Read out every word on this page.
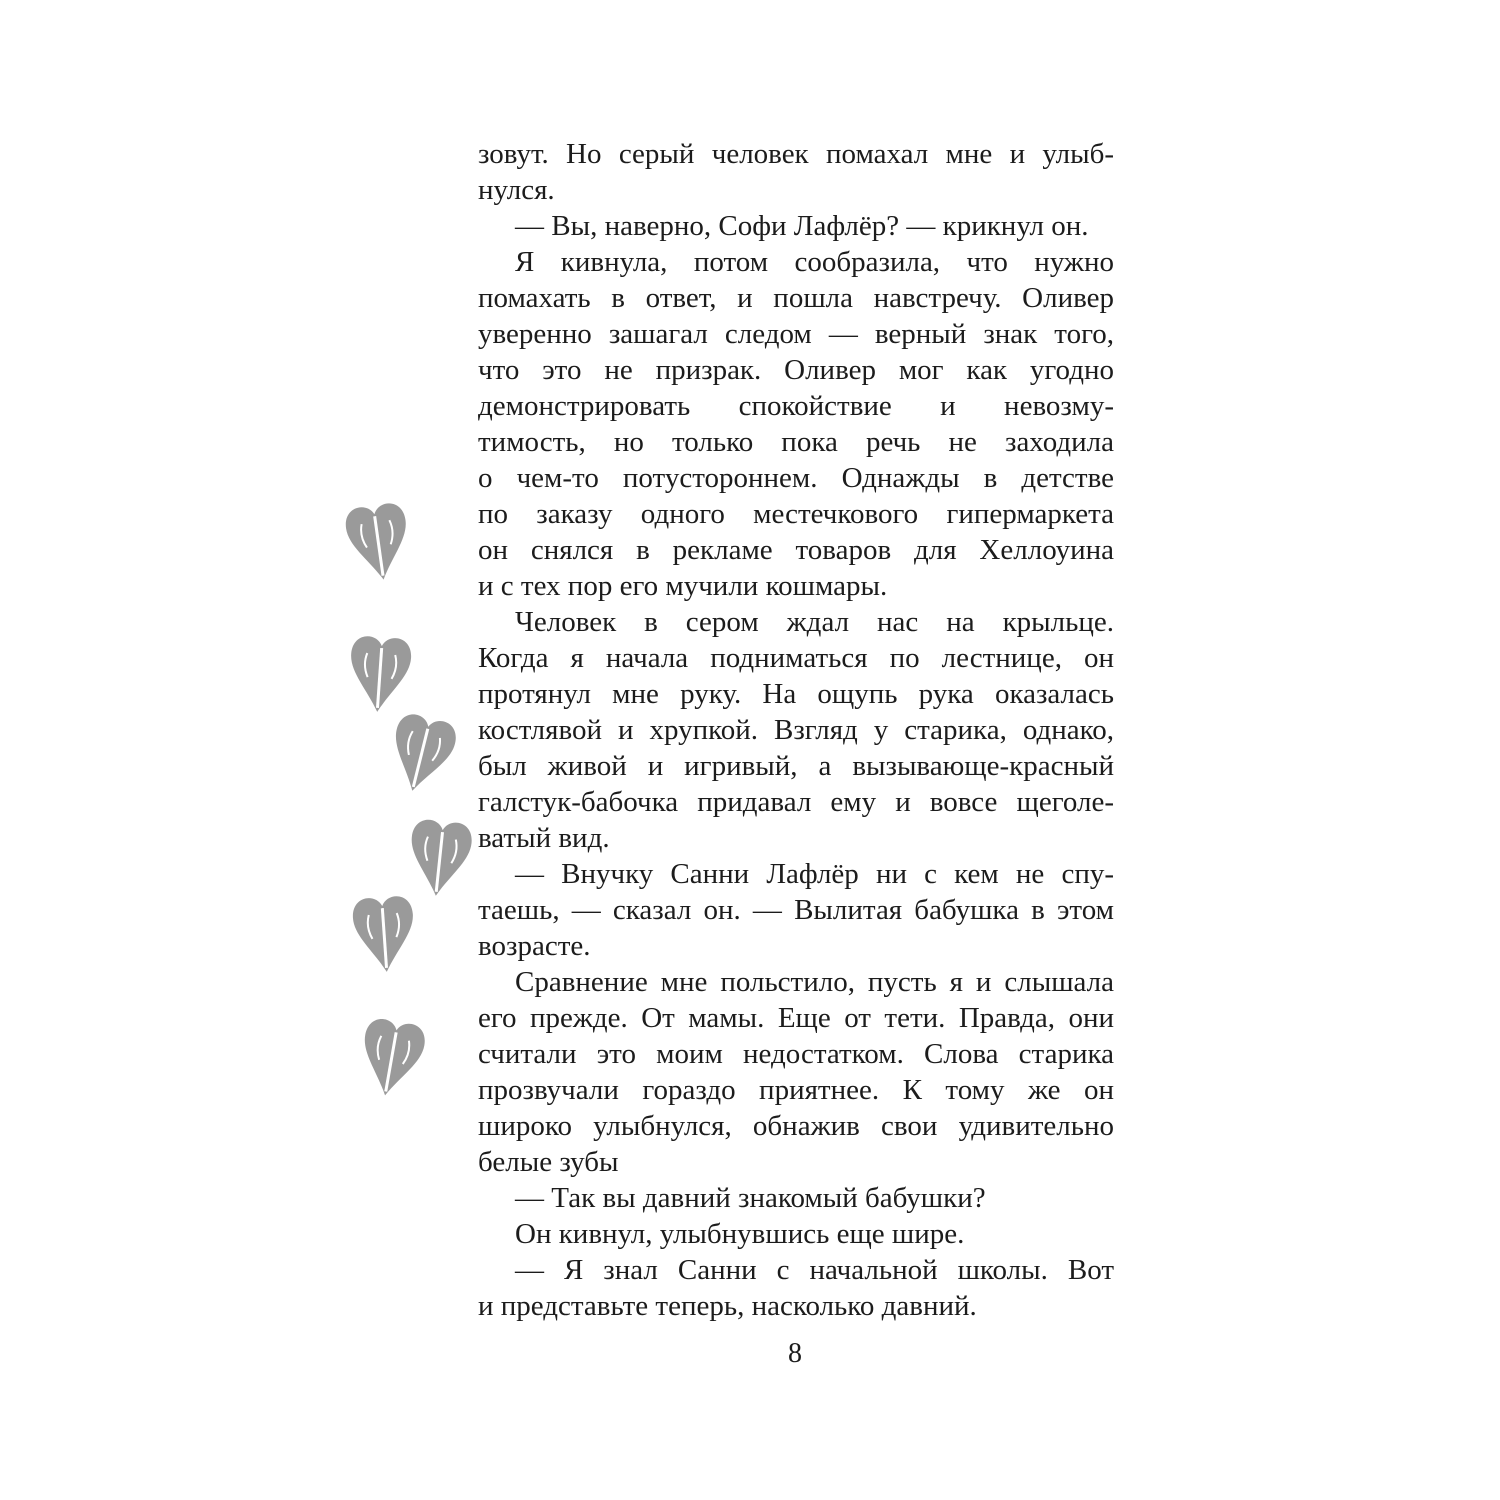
зовут. Но серый человек помахал мне и улыб-
нулся.
— Вы, наверно, Софи Лафлёр? — крикнул он.
Я кивнула, потом сообразила, что нужно
помахать в ответ, и пошла навстречу. Оливер
уверенно зашагал следом — верный знак того,
что это не призрак. Оливер мог как угодно
демонстрировать спокойствие и невозму-
тимость, но только пока речь не заходила
о чем-то потустороннем. Однажды в детстве
по заказу одного местечкового гипермаркета
он снялся в рекламе товаров для Хеллоуина
и с тех пор его мучили кошмары.
Человек в сером ждал нас на крыльце.
Когда я начала подниматься по лестнице, он
протянул мне руку. На ощупь рука оказалась
костлявой и хрупкой. Взгляд у старика, однако,
был живой и игривый, а вызывающе-красный
галстук-бабочка придавал ему и вовсе щеголе-
ватый вид.
— Внучку Санни Лафлёр ни с кем не спу-
таешь, — сказал он. — Вылитая бабушка в этом
возрасте.
Сравнение мне польстило, пусть я и слышала
его прежде. От мамы. Еще от тети. Правда, они
считали это моим недостатком. Слова старика
прозвучали гораздо приятнее. К тому же он
широко улыбнулся, обнажив свои удивительно
белые зубы
— Так вы давний знакомый бабушки?
Он кивнул, улыбнувшись еще шире.
— Я знал Санни с начальной школы. Вот
и представьте теперь, насколько давний.
8
